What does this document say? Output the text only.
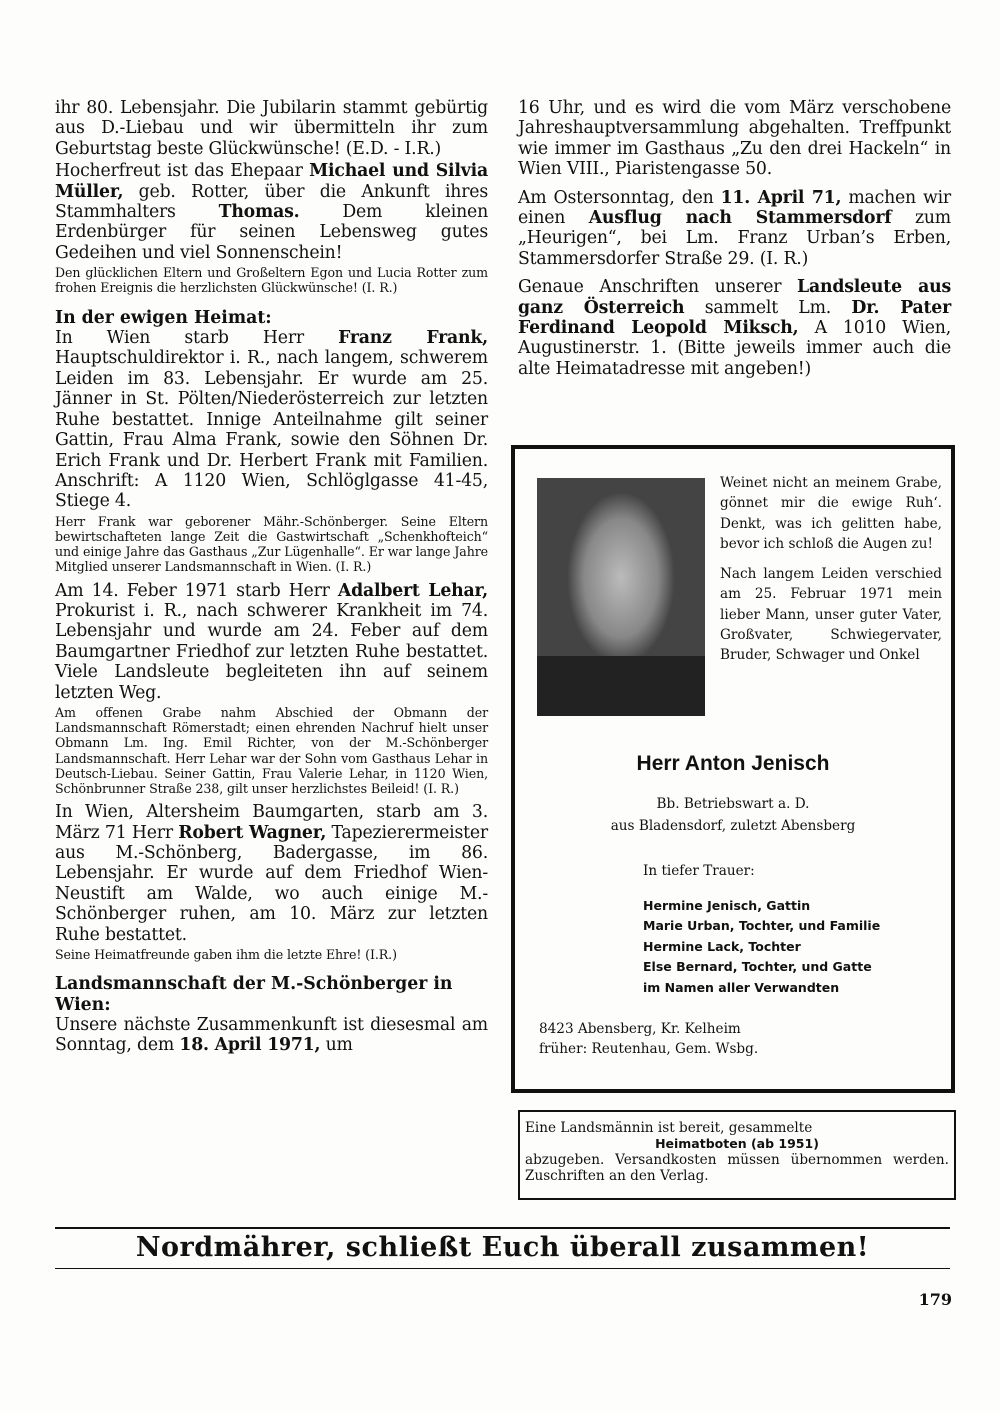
ihr 80. Lebensjahr. Die Jubilarin stammt gebürtig aus D.-Liebau und wir übermitteln ihr zum Geburtstag beste Glückwünsche! (E.D. - I.R.)
Hocherfreut ist das Ehepaar Michael und Silvia Müller, geb. Rotter, über die Ankunft ihres Stammhalters Thomas. Dem kleinen Erdenbürger für seinen Lebensweg gutes Gedeihen und viel Sonnenschein!
Den glücklichen Eltern und Großeltern Egon und Lucia Rotter zum frohen Ereignis die herzlichsten Glückwünsche! (I. R.)
In der ewigen Heimat:
In Wien starb Herr Franz Frank, Hauptschuldirektor i. R., nach langem, schwerem Leiden im 83. Lebensjahr. Er wurde am 25. Jänner in St. Pölten/Niederösterreich zur letzten Ruhe bestattet. Innige Anteilnahme gilt seiner Gattin, Frau Alma Frank, sowie den Söhnen Dr. Erich Frank und Dr. Herbert Frank mit Familien. Anschrift: A 1120 Wien, Schlöglgasse 41-45, Stiege 4.
Herr Frank war geborener Mähr.-Schönberger. Seine Eltern bewirtschafteten lange Zeit die Gastwirtschaft „Schenkhofteich“ und einige Jahre das Gasthaus „Zur Lügenhalle“. Er war lange Jahre Mitglied unserer Landsmannschaft in Wien. (I. R.)
Am 14. Feber 1971 starb Herr Adalbert Lehar, Prokurist i. R., nach schwerer Krankheit im 74. Lebensjahr und wurde am 24. Feber auf dem Baumgartner Friedhof zur letzten Ruhe bestattet. Viele Landsleute begleiteten ihn auf seinem letzten Weg.
Am offenen Grabe nahm Abschied der Obmann der Landsmannschaft Römerstadt; einen ehrenden Nachruf hielt unser Obmann Lm. Ing. Emil Richter, von der M.-Schönberger Landsmannschaft. Herr Lehar war der Sohn vom Gasthaus Lehar in Deutsch-Liebau. Seiner Gattin, Frau Valerie Lehar, in 1120 Wien, Schönbrunner Straße 238, gilt unser herzlichstes Beileid! (I. R.)
In Wien, Altersheim Baumgarten, starb am 3. März 71 Herr Robert Wagner, Tapezierermeister aus M.-Schönberg, Badergasse, im 86. Lebensjahr. Er wurde auf dem Friedhof Wien-Neustift am Walde, wo auch einige M.-Schönberger ruhen, am 10. März zur letzten Ruhe bestattet.
Seine Heimatfreunde gaben ihm die letzte Ehre! (I.R.)
Landsmannschaft der M.-Schönberger in Wien:
Unsere nächste Zusammenkunft ist diesesmal am Sonntag, dem 18. April 1971, um
16 Uhr, und es wird die vom März verschobene Jahreshauptversammlung abgehalten. Treffpunkt wie immer im Gasthaus „Zu den drei Hackeln“ in Wien VIII., Piaristengasse 50.
Am Ostersonntag, den 11. April 71, machen wir einen Ausflug nach Stammersdorf zum „Heurigen“, bei Lm. Franz Urban’s Erben, Stammersdorfer Straße 29. (I. R.)
Genaue Anschriften unserer Landsleute aus ganz Österreich sammelt Lm. Dr. Pater Ferdinand Leopold Miksch, A 1010 Wien, Augustinerstr. 1. (Bitte jeweils immer auch die alte Heimatadresse mit angeben!)

Weinet nicht an meinem Grabe, gönnet mir die ewige Ruh‘. Denkt, was ich gelitten habe, bevor ich schloß die Augen zu!

Nach langem Leiden verschied am 25. Februar 1971 mein lieber Mann, unser guter Vater, Großvater, Schwiegervater, Bruder, Schwager und Onkel

Herr Anton Jenisch
Bb. Betriebswart a. D.
aus Bladensdorf, zuletzt Abensberg
In tiefer Trauer:
Hermine Jenisch, Gattin
Marie Urban, Tochter, und Familie
Hermine Lack, Tochter
Else Bernard, Tochter, und Gatte
im Namen aller Verwandten
8423 Abensberg, Kr. Kelheim
früher: Reutenhau, Gem. Wsbg.
Eine Landsmännin ist bereit, gesammelte
Heimatboten (ab 1951)
abzugeben. Versandkosten müssen übernommen werden. Zuschriften an den Verlag.
Nordmährer, schließt Euch überall zusammen!
179
